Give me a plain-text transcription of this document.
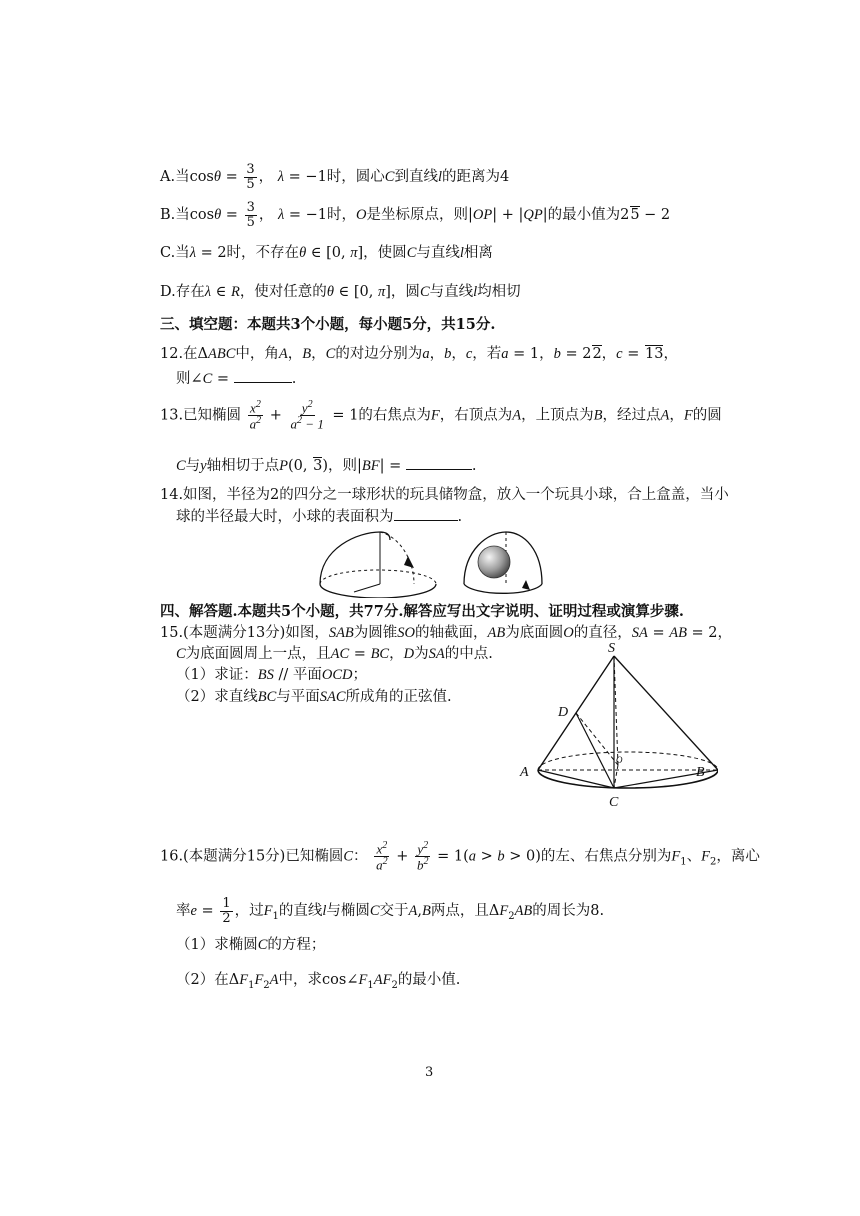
A.当$\cos\theta = \frac{3}{5}$ ， λ = −1时，圆心C到直线l的距离为4
B.当$\cos\theta = \frac{3}{5}$ ， λ = −1时，O是坐标原点，则|OP| + |QP|的最小值为25 − 2
C.当λ = 2时，不存在θ ∈ [0, π]，使圆C与直线l相离
D.存在λ ∈ R，使对任意的θ ∈ [0, π]，圆C与直线l均相切
三、填空题：本题共3个小题，每小题5分，共15分.
12.在ΔABC中，角A，B，C的对边分别为a，b，c，若a = 1，b = 22，c = 13，
则∠C =	.
13.已知椭圆 $\frac{x^2}{a^2} + \frac{y^2}{a^2 - 1} = 1$的右焦点为F，右顶点为A，上顶点为B，经过点A，F的圆
C与y轴相切于点P(0, 3)，则|BF| =	.
14.如图，半径为2的四分之一球形状的玩具储物盒，放入一个玩具小球，合上盒盖，当小
球的半径最大时，小球的表面积为	.
四、解答题.本题共5个小题，共77分.解答应写出文字说明、证明过程或演算步骤.
15.(本题满分13分)如图，SAB为圆锥SO的轴截面，AB为底面圆O的直径，SA = AB = 2，
C为底面圆周上一点，且AC = BC，D为SA的中点.
（1）求证：BS // 平面OCD；
（2）求直线BC与平面SAC所成角的正弦值.
S
D
A	B
C
O
16.(本题满分15分)已知椭圆C： $\frac{x^2}{a^2} + \frac{y^2}{b^2} = 1(a > b > 0)$的左、右焦点分别为$F_1$、$F_2$，离心
率$e = \frac{1}{2}$ ，过$F_1$的直线l与椭圆C交于A,B两点，且$\Delta F_2AB$的周长为8.
（1）求椭圆C的方程；
（2）在$\Delta F_1F_2A$中，求$\cos\angle F_1AF_2$的最小值.
3
